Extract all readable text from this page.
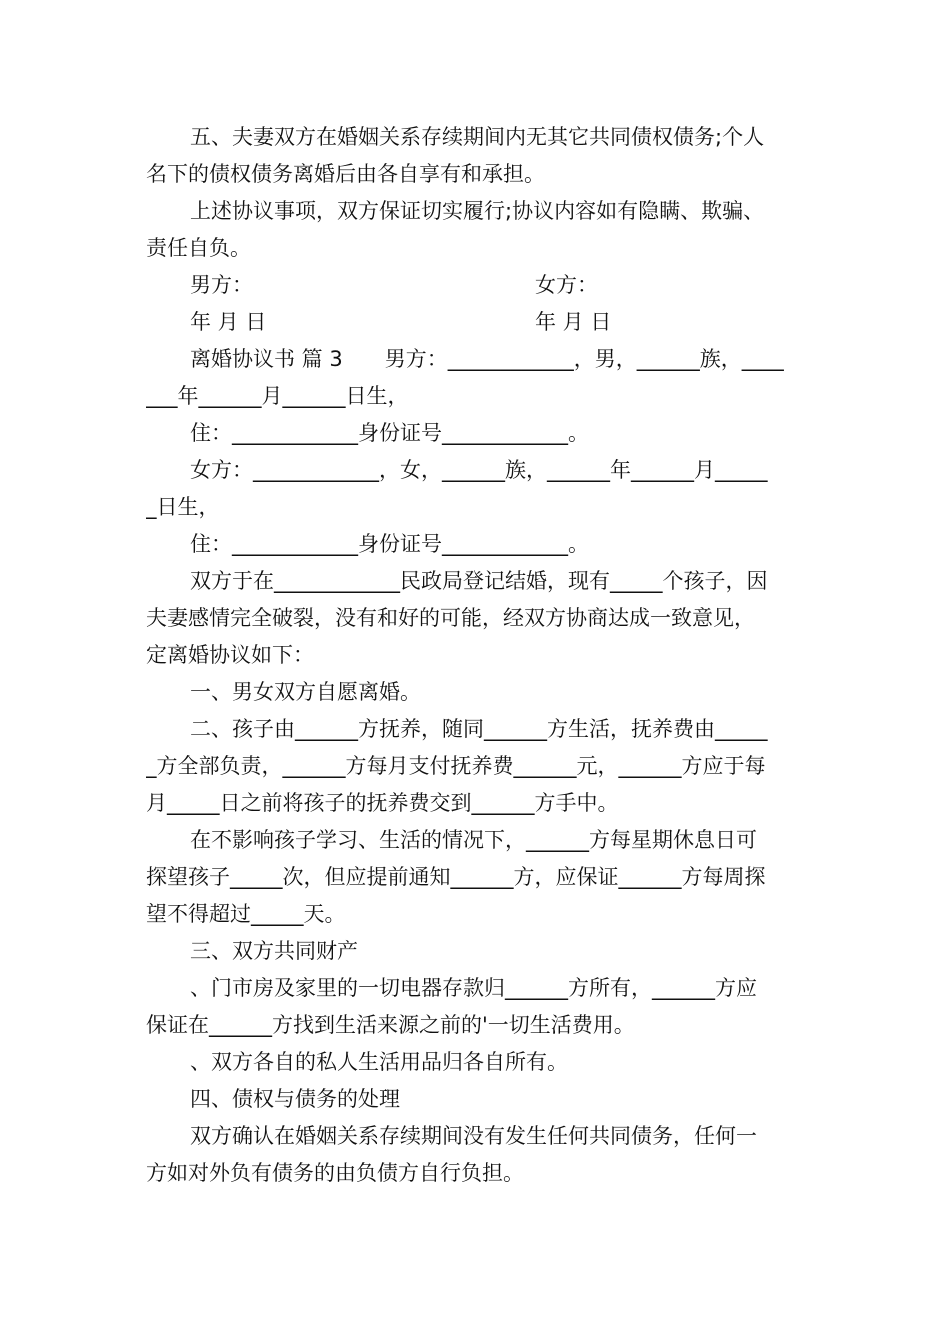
五、夫妻双方在婚姻关系存续期间内无其它共同债权债务;个人
名下的债权债务离婚后由各自享有和承担。
上述协议事项，双方保证切实履行;协议内容如有隐瞒、欺骗、
责任自负。

男方：

	女方：

年 月 日

	年 月 日

离婚协议书 篇 3　　男方：____________，男，______族，____
___年______月______日生，
住：____________身份证号____________。
女方：____________，女，______族，______年______月_____
_日生，
住：____________身份证号____________。
双方于在____________民政局登记结婚，现有_____个孩子，因
夫妻感情完全破裂，没有和好的可能，经双方协商达成一致意见，
定离婚协议如下：
一、男女双方自愿离婚。
二、孩子由______方抚养，随同______方生活，抚养费由_____
_方全部负责，______方每月支付抚养费______元，______方应于每
月_____日之前将孩子的抚养费交到______方手中。
在不影响孩子学习、生活的情况下，______方每星期休息日可
探望孩子_____次，但应提前通知______方，应保证______方每周探
望不得超过_____天。
三、双方共同财产
、门市房及家里的一切电器存款归______方所有，______方应
保证在______方找到生活来源之前的'一切生活费用。
、双方各自的私人生活用品归各自所有。
四、债权与债务的处理
双方确认在婚姻关系存续期间没有发生任何共同债务，任何一
方如对外负有债务的由负债方自行负担。
